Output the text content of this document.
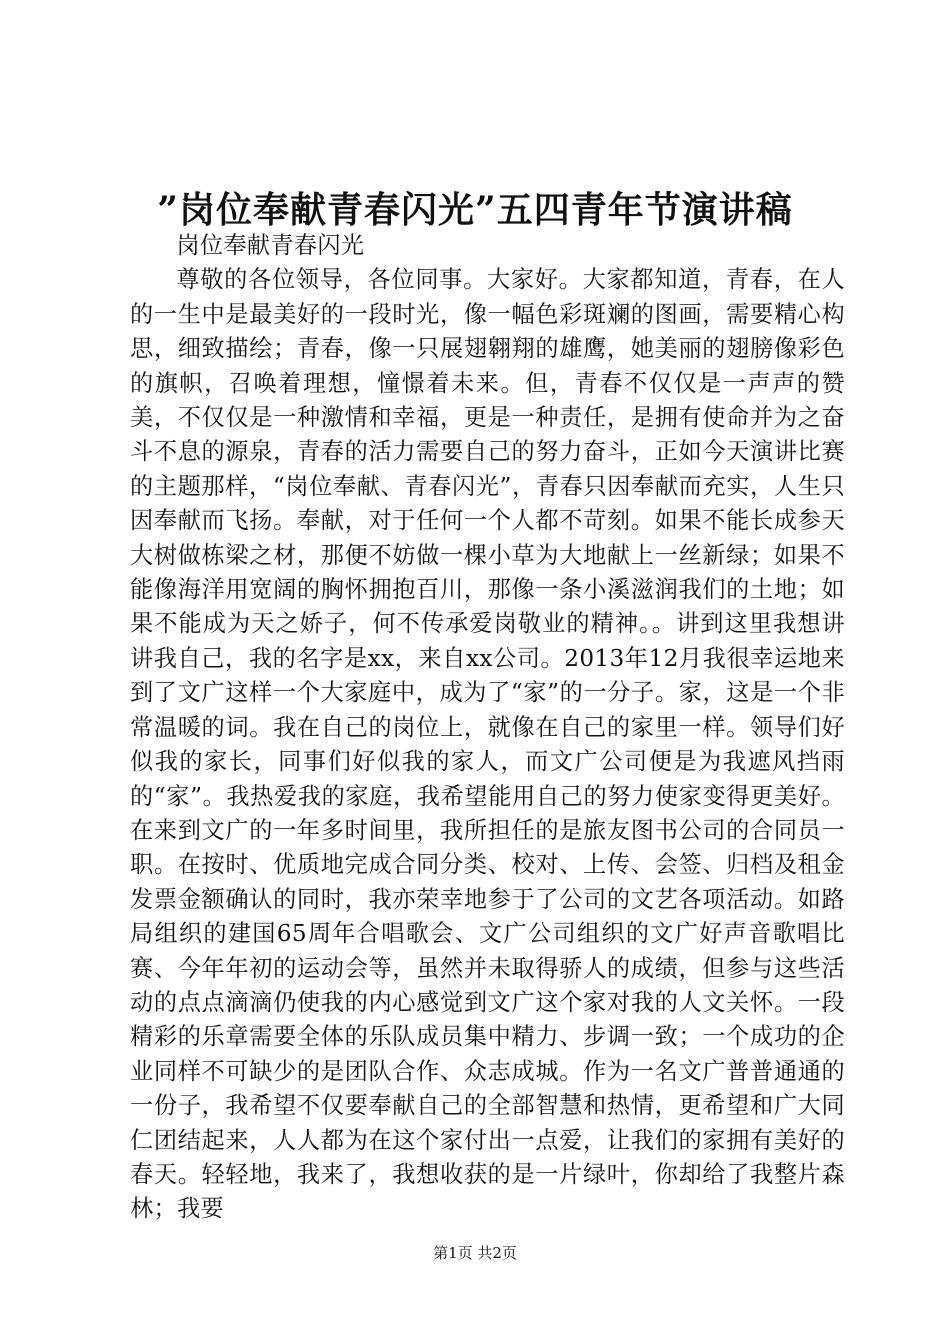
”岗位奉献青春闪光”五四青年节演讲稿

岗位奉献青春闪光

尊敬的各位领导，各位同事。大家好。大家都知道，青春，在人的一生中是最美好的一段时光，像一幅色彩斑斓的图画，需要精心构思，细致描绘；青春，像一只展翅翱翔的雄鹰，她美丽的翅膀像彩色的旗帜，召唤着理想，憧憬着未来。但，青春不仅仅是一声声的赞美，不仅仅是一种激情和幸福，更是一种责任，是拥有使命并为之奋斗不息的源泉，青春的活力需要自己的努力奋斗，正如今天演讲比赛的主题那样，“岗位奉献、青春闪光”，青春只因奉献而充实，人生只因奉献而飞扬。奉献，对于任何一个人都不苛刻。如果不能长成参天大树做栋梁之材，那便不妨做一棵小草为大地献上一丝新绿；如果不能像海洋用宽阔的胸怀拥抱百川，那像一条小溪滋润我们的土地；如果不能成为天之娇子，何不传承爱岗敬业的精神。。讲到这里我想讲讲我自己，我的名字是xx，来自xx公司。2013年12月我很幸运地来到了文广这样一个大家庭中，成为了“家”的一分子。家，这是一个非常温暖的词。我在自己的岗位上，就像在自己的家里一样。领导们好似我的家长，同事们好似我的家人，而文广公司便是为我遮风挡雨的“家”。我热爱我的家庭，我希望能用自己的努力使家变得更美好。在来到文广的一年多时间里，我所担任的是旅友图书公司的合同员一职。在按时、优质地完成合同分类、校对、上传、会签、归档及租金发票金额确认的同时，我亦荣幸地参于了公司的文艺各项活动。如路局组织的建国65周年合唱歌会、文广公司组织的文广好声音歌唱比赛、今年年初的运动会等，虽然并未取得骄人的成绩，但参与这些活动的点点滴滴仍使我的内心感觉到文广这个家对我的人文关怀。一段精彩的乐章需要全体的乐队成员集中精力、步调一致；一个成功的企业同样不可缺少的是团队合作、众志成城。作为一名文广普普通通的一份子，我希望不仅要奉献自己的全部智慧和热情，更希望和广大同仁团结起来，人人都为在这个家付出一点爱，让我们的家拥有美好的春天。轻轻地，我来了，我想收获的是一片绿叶，你却给了我整片森林；我要

第1页 共2页
